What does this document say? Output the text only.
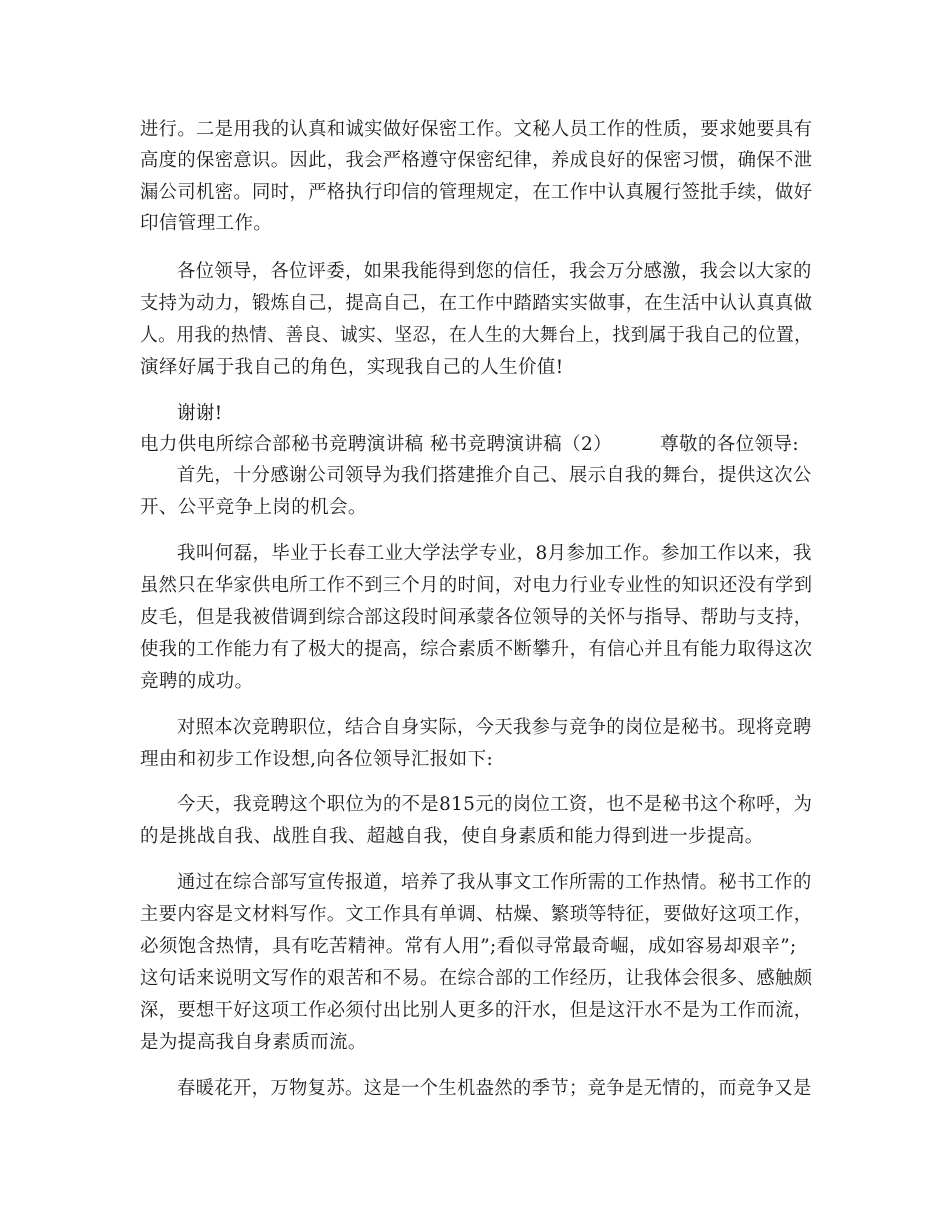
进行。二是用我的认真和诚实做好保密工作。文秘人员工作的性质，要求她要具有
高度的保密意识。因此，我会严格遵守保密纪律，养成良好的保密习惯，确保不泄
漏公司机密。同时，严格执行印信的管理规定，在工作中认真履行签批手续，做好
印信管理工作。
各位领导，各位评委，如果我能得到您的信任，我会万分感激，我会以大家的
支持为动力，锻炼自己，提高自己，在工作中踏踏实实做事，在生活中认认真真做
人。用我的热情、善良、诚实、坚忍，在人生的大舞台上，找到属于我自己的位置，
演绎好属于我自己的角色，实现我自己的人生价值!
谢谢!
电力供电所综合部秘书竞聘演讲稿 秘书竞聘演讲稿（2）	尊敬的各位领导:
首先，十分感谢公司领导为我们搭建推介自己、展示自我的舞台，提供这次公
开、公平竞争上岗的机会。
我叫何磊，毕业于长春工业大学法学专业，8月参加工作。参加工作以来，我
虽然只在华家供电所工作不到三个月的时间，对电力行业专业性的知识还没有学到
皮毛，但是我被借调到综合部这段时间承蒙各位领导的关怀与指导、帮助与支持，
使我的工作能力有了极大的提高，综合素质不断攀升，有信心并且有能力取得这次
竞聘的成功。
对照本次竞聘职位，结合自身实际，今天我参与竞争的岗位是秘书。现将竞聘
理由和初步工作设想,向各位领导汇报如下:
今天，我竞聘这个职位为的不是815元的岗位工资，也不是秘书这个称呼，为
的是挑战自我、战胜自我、超越自我，使自身素质和能力得到进一步提高。
通过在综合部写宣传报道，培养了我从事文工作所需的工作热情。秘书工作的
主要内容是文材料写作。文工作具有单调、枯燥、繁琐等特征，要做好这项工作，
必须饱含热情，具有吃苦精神。常有人用”;看似寻常最奇崛，成如容易却艰辛”;
这句话来说明文写作的艰苦和不易。在综合部的工作经历，让我体会很多、感触颇
深，要想干好这项工作必须付出比别人更多的汗水，但是这汗水不是为工作而流，
是为提高我自身素质而流。
春暖花开，万物复苏。这是一个生机盎然的季节；竞争是无情的，而竞争又是
